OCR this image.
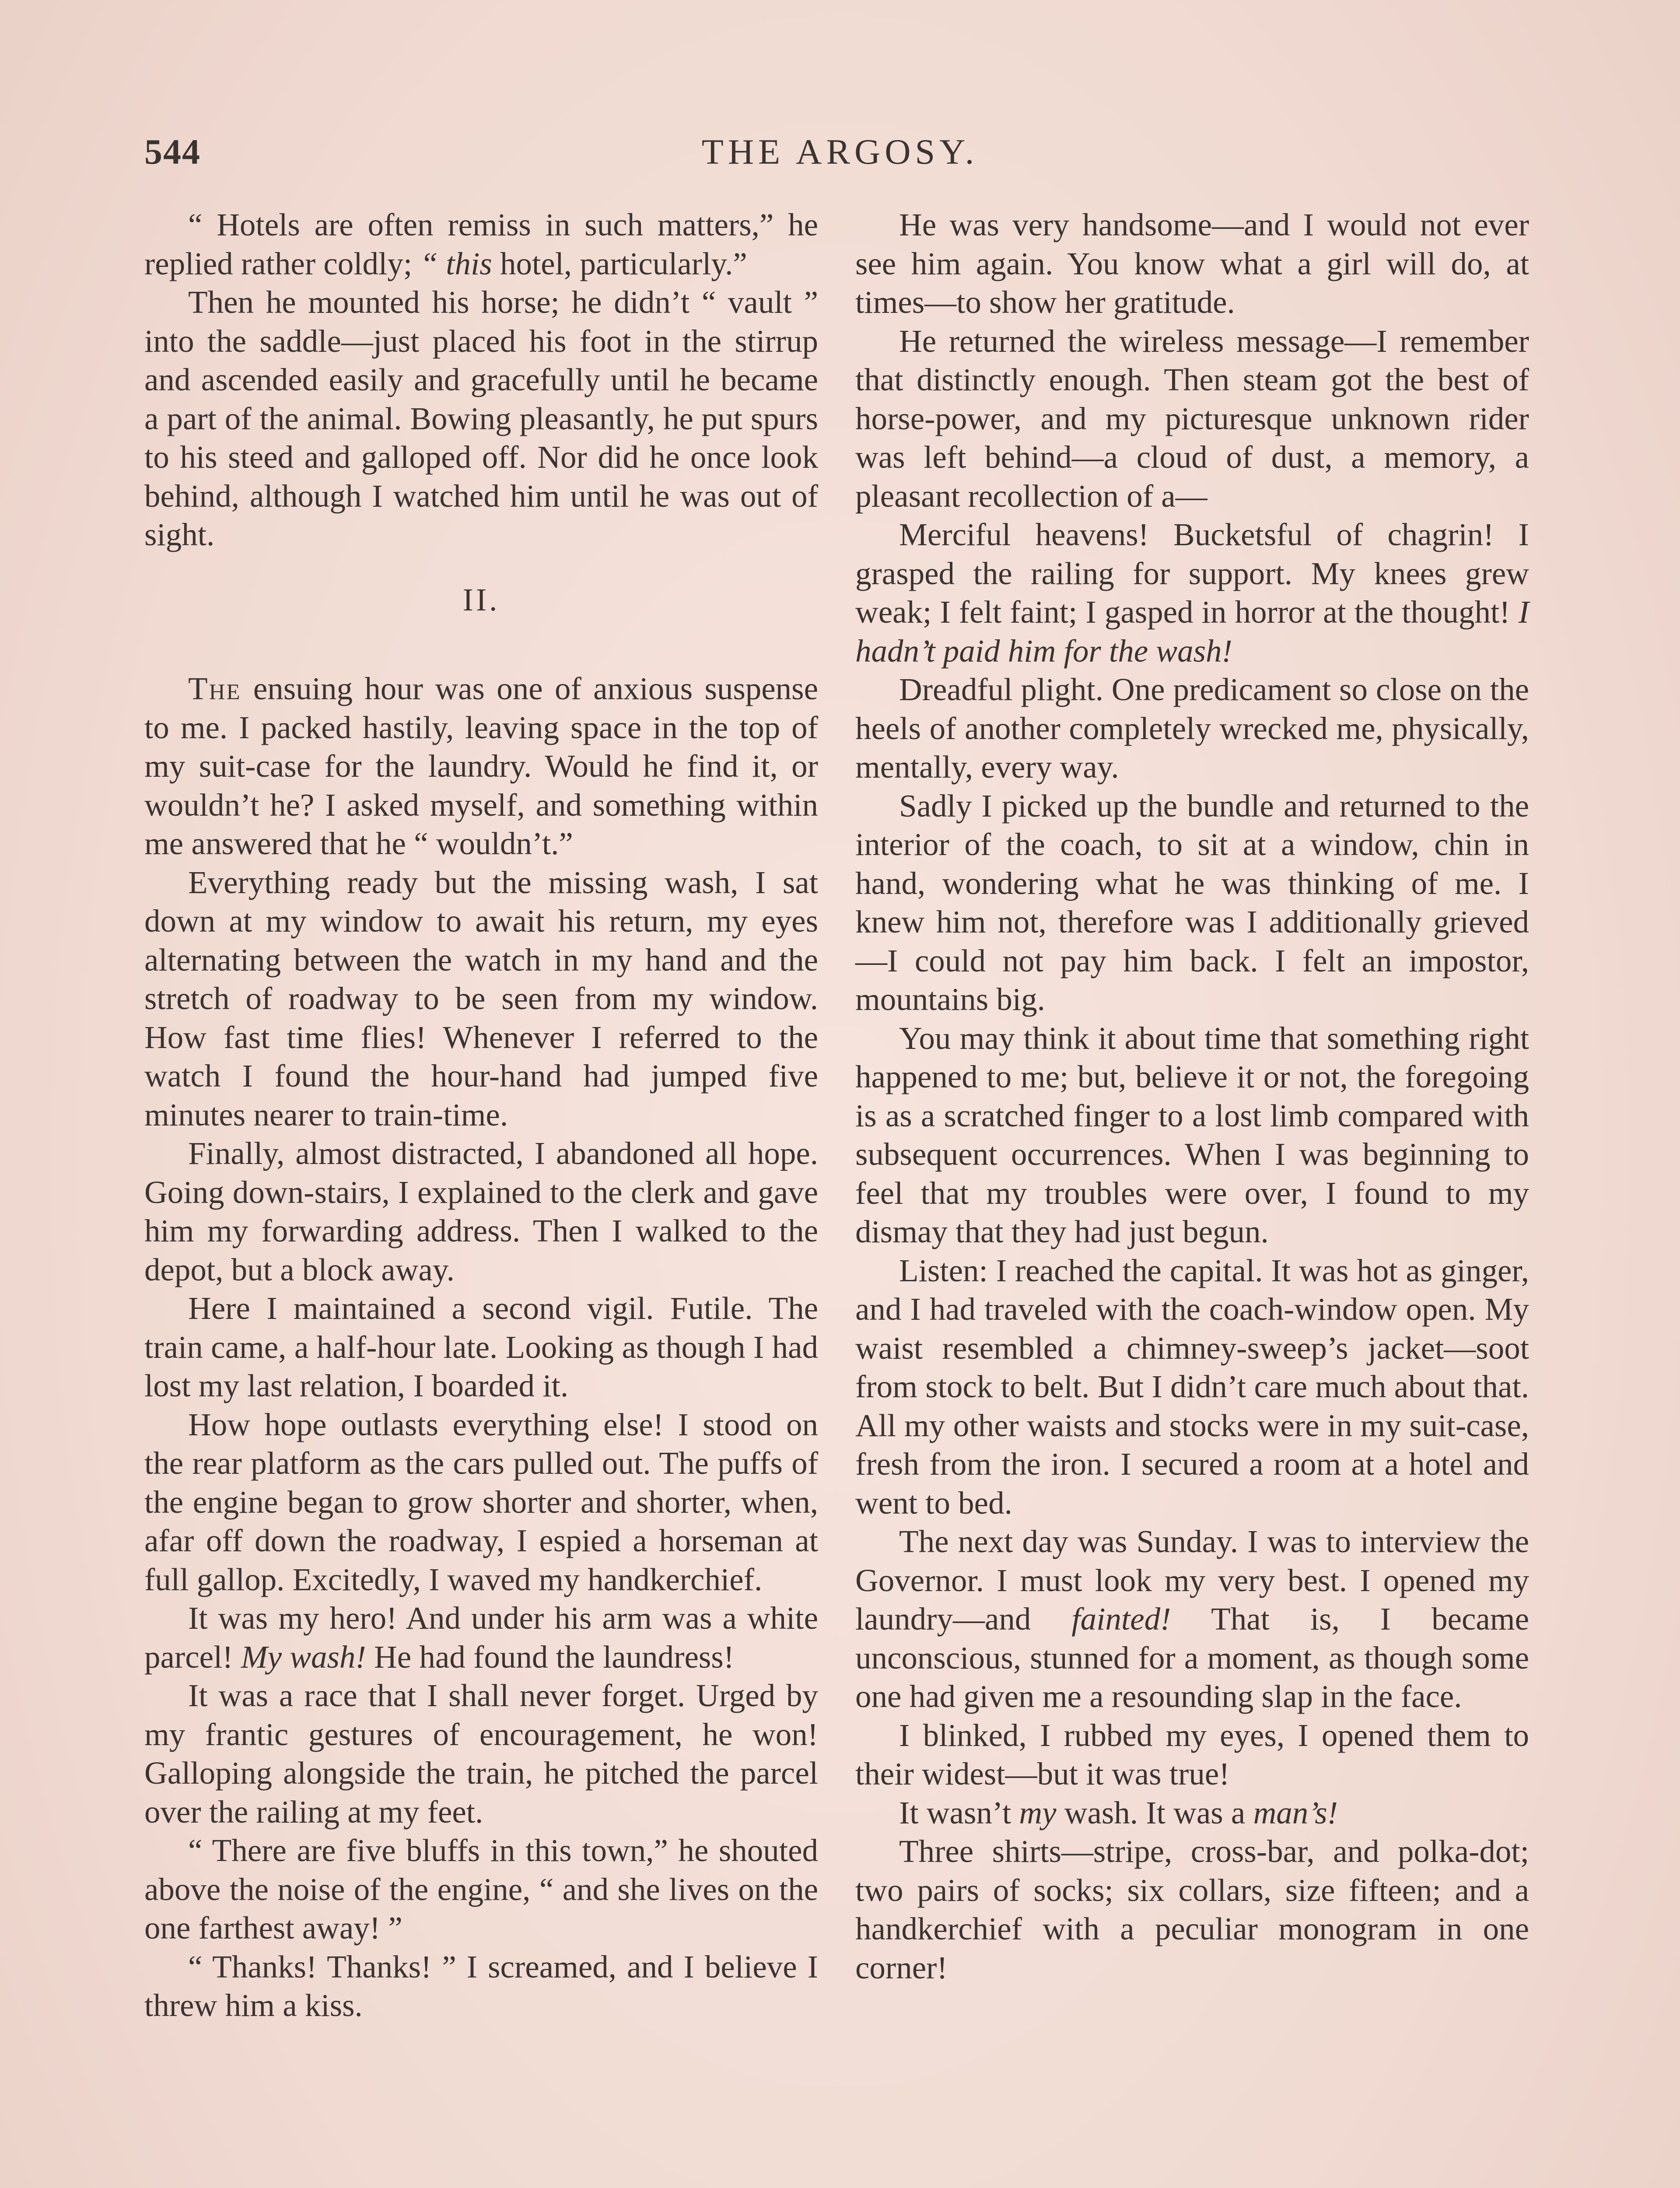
544	THE ARGOSY.

“ Hotels are often remiss in such matters,” he replied rather coldly; “ this hotel, particularly.”

Then he mounted his horse; he didn’t “ vault ” into the saddle—just placed his foot in the stirrup and ascended easily and gracefully until he became a part of the animal. Bowing pleasantly, he put spurs to his steed and galloped off. Nor did he once look behind, although I watched him until he was out of sight.

II.

The ensuing hour was one of anxious suspense to me. I packed hastily, leaving space in the top of my suit-case for the laundry. Would he find it, or wouldn’t he? I asked myself, and something within me answered that he “ wouldn’t.”

Everything ready but the missing wash, I sat down at my window to await his return, my eyes alternating between the watch in my hand and the stretch of roadway to be seen from my window. How fast time flies! Whenever I referred to the watch I found the hour-hand had jumped five minutes nearer to train-time.

Finally, almost distracted, I abandoned all hope. Going down-stairs, I explained to the clerk and gave him my forwarding address. Then I walked to the depot, but a block away.

Here I maintained a second vigil. Futile. The train came, a half-hour late. Looking as though I had lost my last relation, I boarded it.

How hope outlasts everything else! I stood on the rear platform as the cars pulled out. The puffs of the engine began to grow shorter and shorter, when, afar off down the roadway, I espied a horseman at full gallop. Excitedly, I waved my handkerchief.

It was my hero! And under his arm was a white parcel! My wash! He had found the laundress!

It was a race that I shall never forget. Urged by my frantic gestures of encouragement, he won! Galloping alongside the train, he pitched the parcel over the railing at my feet.

“ There are five bluffs in this town,” he shouted above the noise of the engine, “ and she lives on the one farthest away! ”

“ Thanks! Thanks! ” I screamed, and I believe I threw him a kiss.

He was very handsome—and I would not ever see him again. You know what a girl will do, at times—to show her gratitude.

He returned the wireless message—I remember that distinctly enough. Then steam got the best of horse-power, and my picturesque unknown rider was left behind—a cloud of dust, a memory, a pleasant recollection of a—

Merciful heavens! Bucketsful of chagrin! I grasped the railing for support. My knees grew weak; I felt faint; I gasped in horror at the thought! I hadn’t paid him for the wash!

Dreadful plight. One predicament so close on the heels of another completely wrecked me, physically, mentally, every way.

Sadly I picked up the bundle and returned to the interior of the coach, to sit at a window, chin in hand, wondering what he was thinking of me. I knew him not, therefore was I additionally grieved —I could not pay him back. I felt an impostor, mountains big.

You may think it about time that something right happened to me; but, believe it or not, the foregoing is as a scratched finger to a lost limb compared with subsequent occurrences. When I was beginning to feel that my troubles were over, I found to my dismay that they had just begun.

Listen: I reached the capital. It was hot as ginger, and I had traveled with the coach-window open. My waist resembled a chimney-sweep’s jacket—soot from stock to belt. But I didn’t care much about that. All my other waists and stocks were in my suit-case, fresh from the iron. I secured a room at a hotel and went to bed.

The next day was Sunday. I was to interview the Governor. I must look my very best. I opened my laundry—and fainted! That is, I became unconscious, stunned for a moment, as though some one had given me a resounding slap in the face.

I blinked, I rubbed my eyes, I opened them to their widest—but it was true!

It wasn’t my wash. It was a man’s!

Three shirts—stripe, cross-bar, and polka-dot; two pairs of socks; six collars, size fifteen; and a handkerchief with a peculiar monogram in one corner!
